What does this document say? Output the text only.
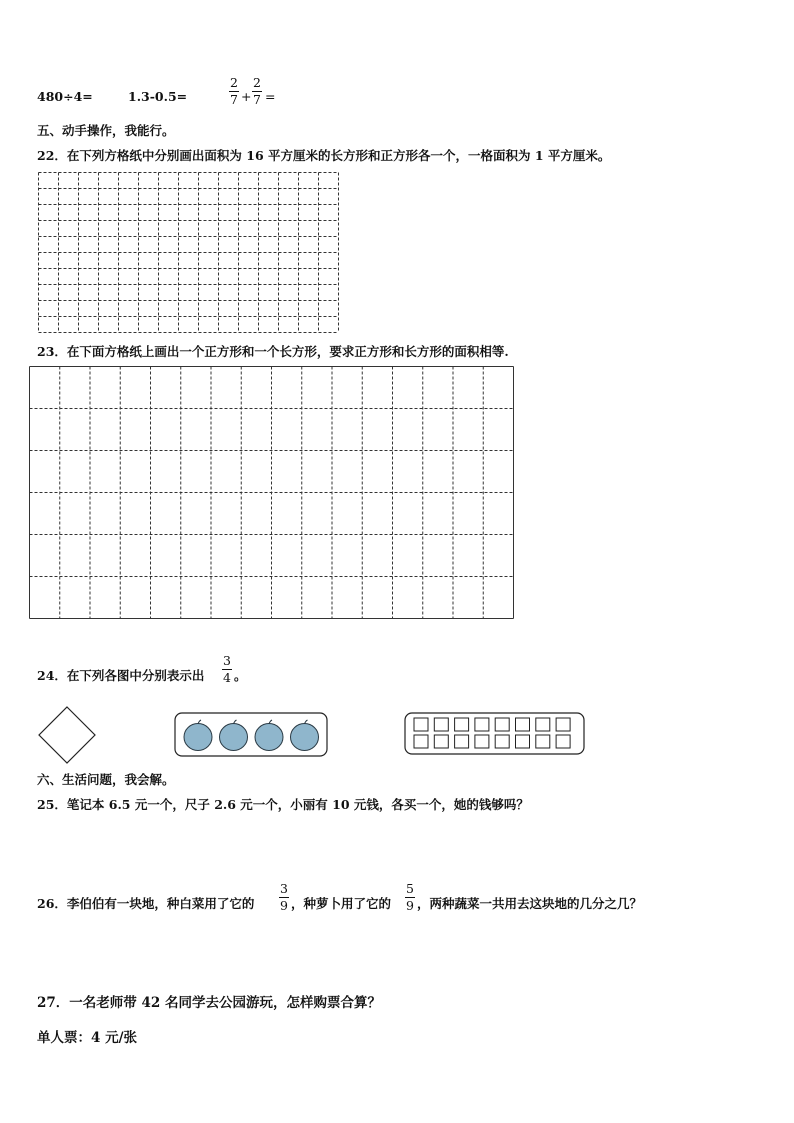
480÷4=	1.3-0.5=
2
7 +
2
7 =
五、动手操作，我能行。
22．在下列方格纸中分别画出面积为 16 平方厘米的长方形和正方形各一个，一格面积为 1 平方厘米。
23．在下面方格纸上画出一个正方形和一个长方形，要求正方形和长方形的面积相等.
24．在下列各图中分别表示出
3
4 。
六、生活问题，我会解。
25．笔记本 6.5 元一个，尺子 2.6 元一个，小丽有 10 元钱，各买一个，她的钱够吗？
26．李伯伯有一块地，种白菜用了它的
3
9 ，种萝卜用了它的
5
9 ，两种蔬菜一共用去这块地的几分之几？
27．一名老师带 42 名同学去公园游玩，怎样购票合算？
单人票：4 元/张
